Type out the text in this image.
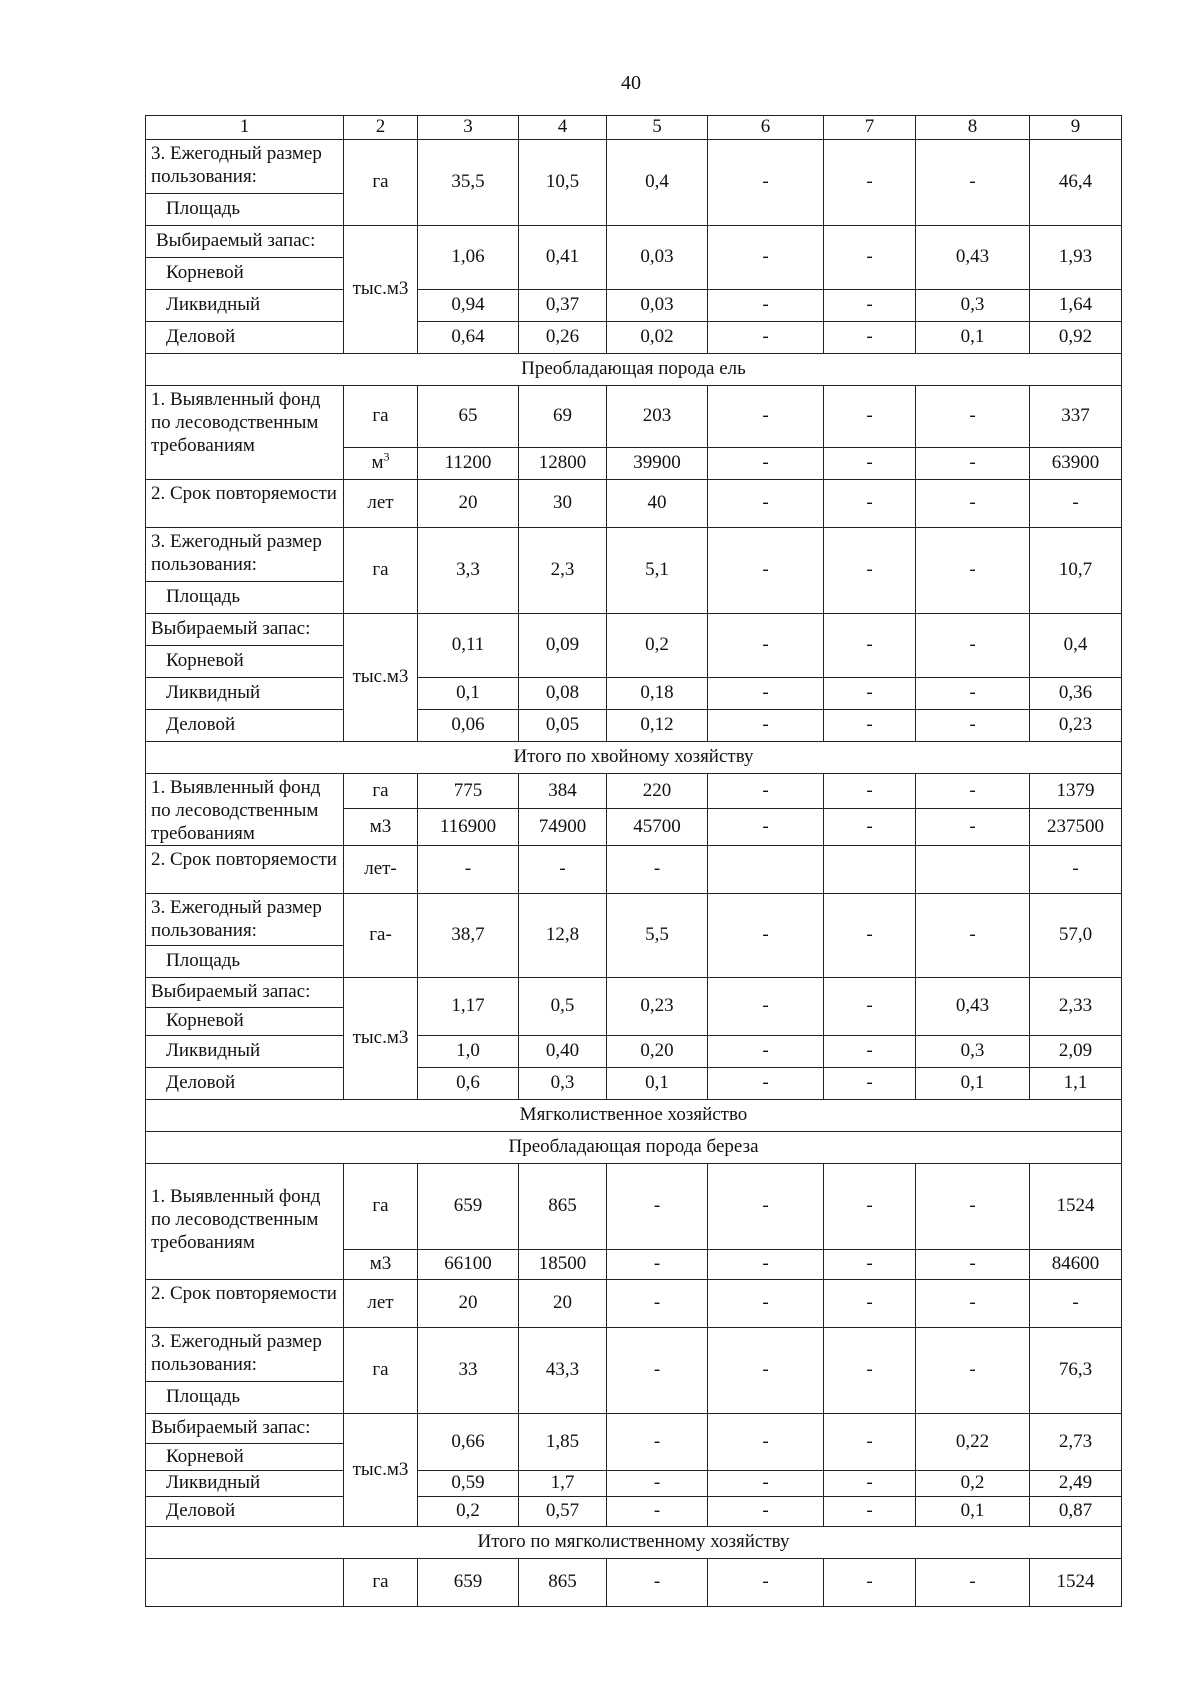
40
1	2	3	4	5	6	7	8	9
3. Ежегодный размер пользования:	га	35,5	10,5	0,4	-	-	-	46,4
Площадь								
Выбираемый запас:	тыс.м3	1,06	0,41	0,03	-	-	0,43	1,93
Корневой								
Ликвидный		0,94	0,37	0,03	-	-	0,3	1,64
Деловой		0,64	0,26	0,02	-	-	0,1	0,92
Преобладающая порода ель								
1. Выявленный фонд по лесоводственным требованиям	га	65	69	203	-	-	-	337
	$м^3$	11200	12800	39900	-	-	-	63900
2. Срок повторяемости	лет	20	30	40	-	-	-	-
3. Ежегодный размер пользования:	га	3,3	2,3	5,1	-	-	-	10,7
Площадь								
Выбираемый запас:	тыс.м3	0,11	0,09	0,2	-	-	-	0,4
Корневой								
Ликвидный		0,1	0,08	0,18	-	-	-	0,36
Деловой		0,06	0,05	0,12	-	-	-	0,23
Итого по хвойному хозяйству								
1. Выявленный фонд по лесоводственным требованиям	га	775	384	220	-	-	-	1379
	м3	116900	74900	45700	-	-	-	237500
2. Срок повторяемости	лет-	-	-	-				-
3. Ежегодный размер пользования:	га-	38,7	12,8	5,5	-	-	-	57,0
Площадь								
Выбираемый запас:	тыс.м3	1,17	0,5	0,23	-	-	0,43	2,33
Корневой								
Ликвидный		1,0	0,40	0,20	-	-	0,3	2,09
Деловой		0,6	0,3	0,1	-	-	0,1	1,1
Мягколиственное хозяйство								
Преобладающая порода береза								
1. Выявленный фонд по лесоводственным требованиям	га	659	865	-	-	-	-	1524
	м3	66100	18500	-	-	-	-	84600
2. Срок повторяемости	лет	20	20	-	-	-	-	-
3. Ежегодный размер пользования:	га	33	43,3	-	-	-	-	76,3
Площадь								
Выбираемый запас:	тыс.м3	0,66	1,85	-	-	-	0,22	2,73
Корневой								
Ликвидный		0,59	1,7	-	-	-	0,2	2,49
Деловой		0,2	0,57	-	-	-	0,1	0,87
Итого по мягколиственному хозяйству								
	га	659	865	-	-	-	-	1524
